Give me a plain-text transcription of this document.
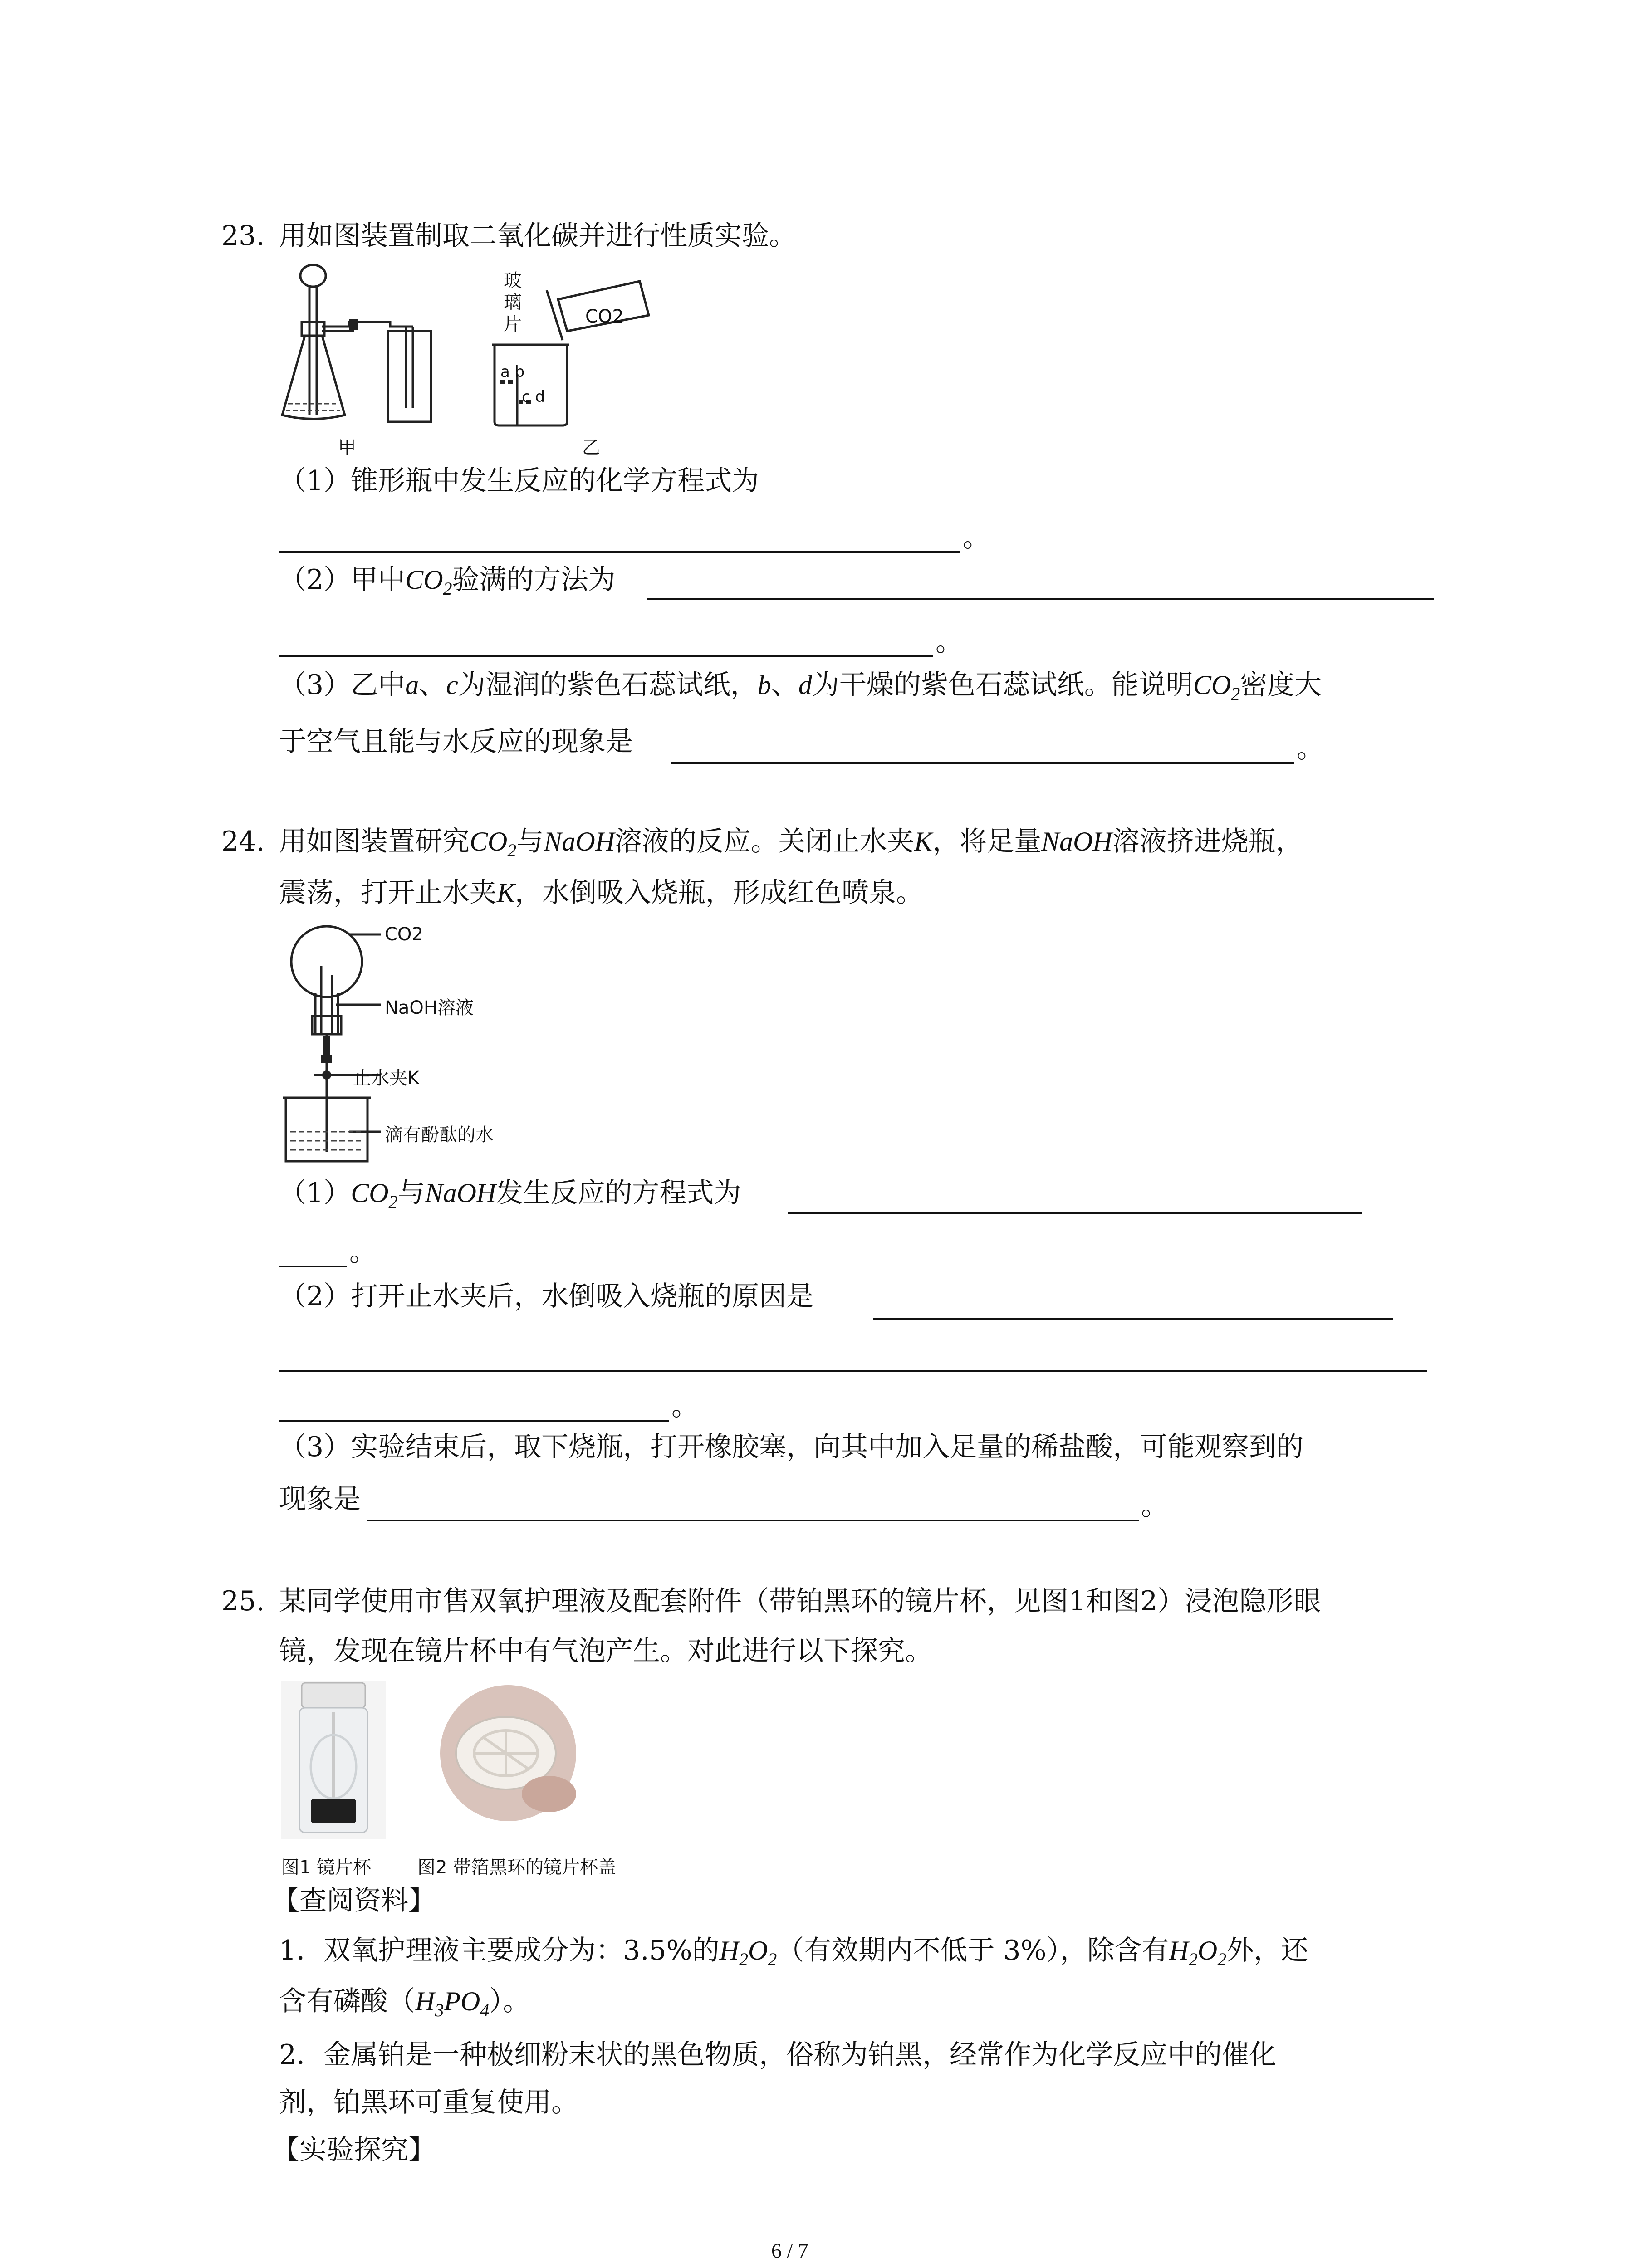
23. 用如图装置制取二氧化碳并进行性质实验。
甲
玻
璃
片	CO2
a b
c d
乙
（1）锥形瓶中发生反应的化学方程式为
。
（2）甲中$CO_2$验满的方法为
。
（3）乙中a、c为湿润的紫色石蕊试纸，b、d为干燥的紫色石蕊试纸。能说明$CO_2$密度大
于空气且能与水反应的现象是	。
24. 用如图装置研究$CO_2$与NaOH溶液的反应。关闭止水夹K，将足量NaOH溶液挤进烧瓶，
震荡，打开止水夹K，水倒吸入烧瓶，形成红色喷泉。
CO2
NaOH溶液
止水夹K
滴有酚酞的水
$(1)CO_2$与NaOH发生反应的方程式为
。
（2）打开止水夹后，水倒吸入烧瓶的原因是
。
（3）实验结束后，取下烧瓶，打开橡胶塞，向其中加入足量的稀盐酸，可能观察到的
现象是	。
25. 某同学使用市售双氧护理液及配套附件（带铂黑环的镜片杯，见图1和图2）浸泡隐形眼
镜，发现在镜片杯中有气泡产生。对此进行以下探究。
图1 镜片杯	图2 带箔黑环的镜片杯盖
【查阅资料】
1．双氧护理液主要成分为：3.5%的$H_2O_2$（有效期内不低于 3%），除含有$H_2O_2$外，还
含有磷酸$(H_3PO_4)$。
2．金属铂是一种极细粉末状的黑色物质，俗称为铂黑，经常作为化学反应中的催化
剂，铂黑环可重复使用。
【实验探究】
6 / 7
